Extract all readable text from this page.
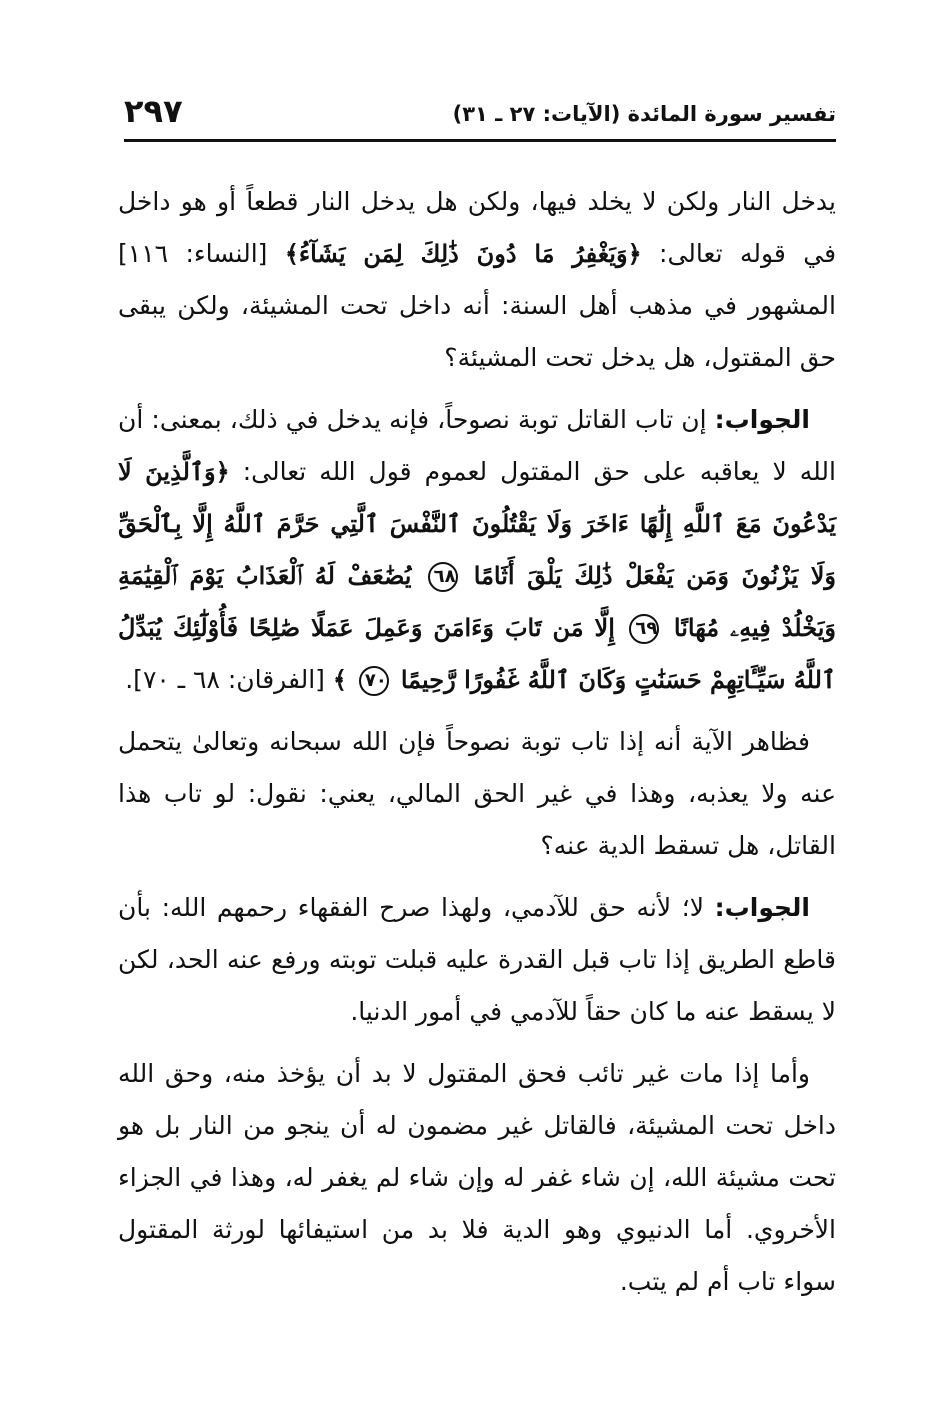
تفسير سورة المائدة (الآيات: ٢٧ ـ ٣١)
٢٩٧

يدخل النار ولكن لا يخلد فيها، ولكن هل يدخل النار قطعاً أو هو داخل في قوله تعالى: ﴿وَيَغْفِرُ مَا دُونَ ذَٰلِكَ لِمَن يَشَآءُ﴾ [النساء: ١١٦] المشهور في مذهب أهل السنة: أنه داخل تحت المشيئة، ولكن يبقى حق المقتول، هل يدخل تحت المشيئة؟

الجواب: إن تاب القاتل توبة نصوحاً، فإنه يدخل في ذلك، بمعنى: أن الله لا يعاقبه على حق المقتول لعموم قول الله تعالى: ﴿وَٱلَّذِينَ لَا يَدْعُونَ مَعَ ٱللَّهِ إِلَٰهًا ءَاخَرَ وَلَا يَقْتُلُونَ ٱلنَّفْسَ ٱلَّتِي حَرَّمَ ٱللَّهُ إِلَّا بِٱلْحَقِّ وَلَا يَزْنُونَ وَمَن يَفْعَلْ ذَٰلِكَ يَلْقَ أَثَامًا ٦٨ يُضَٰعَفْ لَهُ ٱلْعَذَابُ يَوْمَ ٱلْقِيَٰمَةِ وَيَخْلُدْ فِيهِۦ مُهَانًا ٦٩ إِلَّا مَن تَابَ وَءَامَنَ وَعَمِلَ عَمَلًا صَٰلِحًا فَأُوْلَٰٓئِكَ يُبَدِّلُ ٱللَّهُ سَيِّـَٔاتِهِمْ حَسَنَٰتٍ وَكَانَ ٱللَّهُ غَفُورًا رَّحِيمًا ٧٠ ﴾ [الفرقان: ٦٨ ـ ٧٠].

فظاهر الآية أنه إذا تاب توبة نصوحاً فإن الله سبحانه وتعالىٰ يتحمل عنه ولا يعذبه، وهذا في غير الحق المالي، يعني: نقول: لو تاب هذا القاتل، هل تسقط الدية عنه؟

الجواب: لا؛ لأنه حق للآدمي، ولهذا صرح الفقهاء رحمهم الله: بأن قاطع الطريق إذا تاب قبل القدرة عليه قبلت توبته ورفع عنه الحد، لكن لا يسقط عنه ما كان حقاً للآدمي في أمور الدنيا.

وأما إذا مات غير تائب فحق المقتول لا بد أن يؤخذ منه، وحق الله داخل تحت المشيئة، فالقاتل غير مضمون له أن ينجو من النار بل هو تحت مشيئة الله، إن شاء غفر له وإن شاء لم يغفر له، وهذا في الجزاء الأخروي. أما الدنيوي وهو الدية فلا بد من استيفائها لورثة المقتول سواء تاب أم لم يتب.
